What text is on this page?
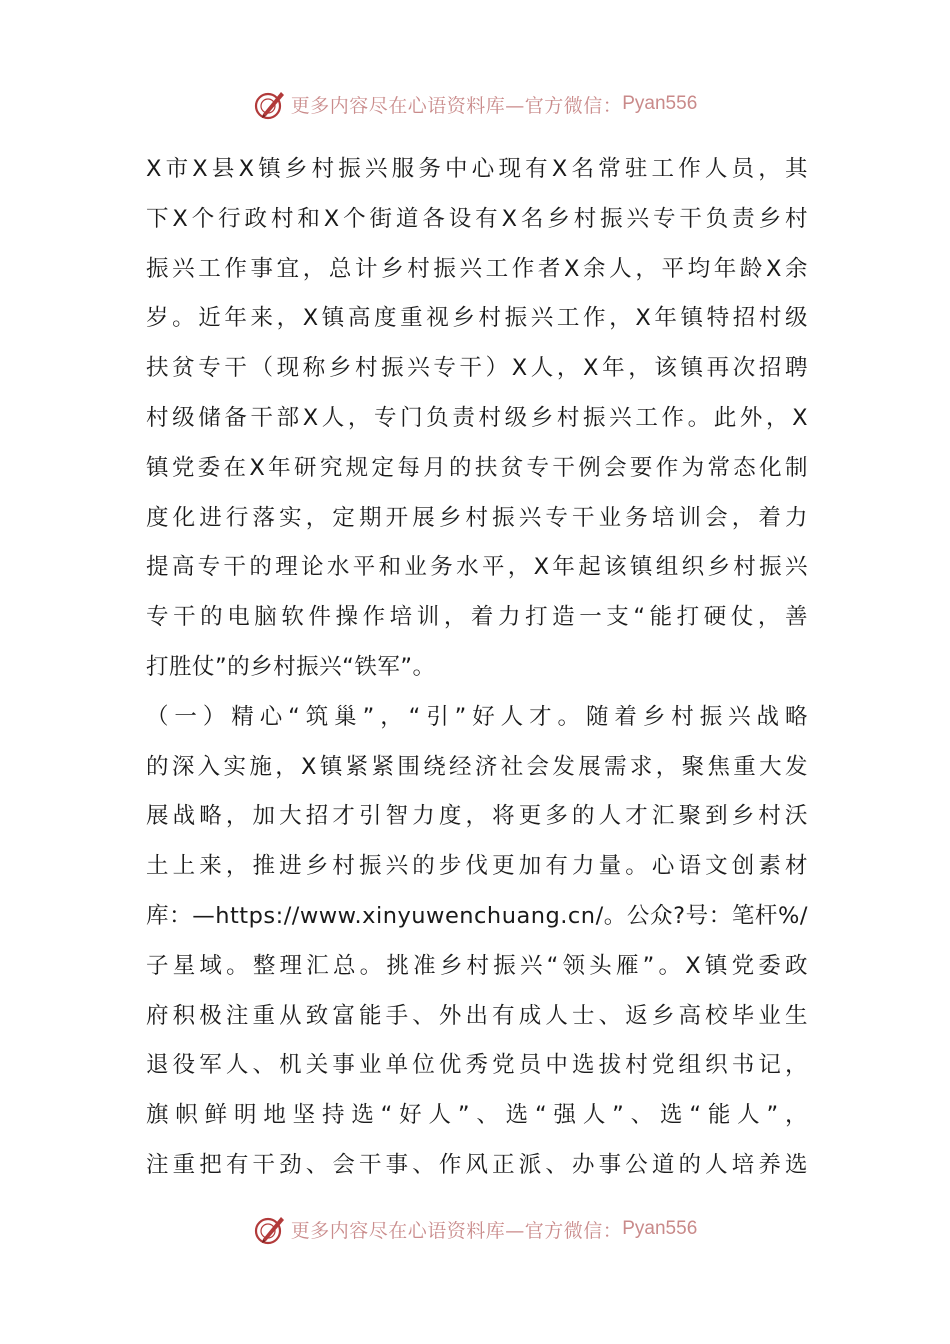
更多内容尽在心语资料库—官方微信： Pyan556
X市X县X镇乡村振兴服务中心现有X名常驻工作人员，其
下X个行政村和X个街道各设有X名乡村振兴专干负责乡村
振兴工作事宜，总计乡村振兴工作者X余人，平均年龄X余
岁。近年来，X镇高度重视乡村振兴工作，X年镇特招村级
扶贫专干（现称乡村振兴专干）X人，X年，该镇再次招聘
村级储备干部X人，专门负责村级乡村振兴工作。此外，X
镇党委在X年研究规定每月的扶贫专干例会要作为常态化制
度化进行落实，定期开展乡村振兴专干业务培训会，着力
提高专干的理论水平和业务水平，X年起该镇组织乡村振兴
专干的电脑软件操作培训，着力打造一支“能打硬仗，善
打胜仗”的乡村振兴“铁军”。
（一）精心“筑巢”，“引”好人才。随着乡村振兴战略
的深入实施，X镇紧紧围绕经济社会发展需求，聚焦重大发
展战略，加大招才引智力度，将更多的人才汇聚到乡村沃
土上来，推进乡村振兴的步伐更加有力量。心语文创素材
库：—https://www.xinyuwenchuang.cn/。公众?号：笔杆%/
子星域。整理汇总。挑准乡村振兴“领头雁”。X镇党委政
府积极注重从致富能手、外出有成人士、返乡高校毕业生
退役军人、机关事业单位优秀党员中选拔村党组织书记，
旗帜鲜明地坚持选“好人”、选“强人”、选“能人”，
注重把有干劲、会干事、作风正派、办事公道的人培养选
更多内容尽在心语资料库—官方微信： Pyan556
